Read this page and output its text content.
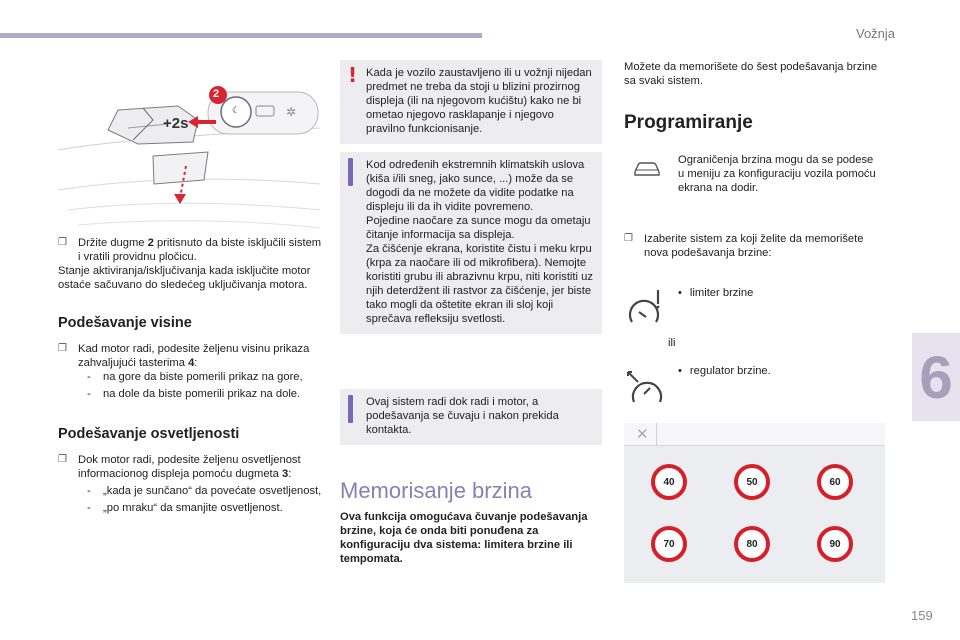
Vožnja
6
159
☾	✲
2
+2s
❐ Držite dugme 2 pritisnuto da biste isključili sistem i vratili providnu pločicu.

Stanje aktiviranja/isključivanja kada isključite motor ostaće sačuvano do sledećeg uključivanja motora.

Podešavanje visine
❐ Kad motor radi, podesite željenu visinu prikaza zahvaljujući tasterima 4:

-	na gore da biste pomerili prikaz na gore,

-	na dole da biste pomerili prikaz na dole.

Podešavanje osvetljenosti
❐ Dok motor radi, podesite željenu osvetljenost informacionog displeja pomoću dugmeta 3:

-	„kada je sunčano“ da povećate osvetljenost,

-	„po mraku“ da smanjite osvetljenost.

! Kada je vozilo zaustavljeno ili u vožnji nijedan predmet ne treba da stoji u blizini prozirnog displeja (ili na njegovom kućištu) kako ne bi ometao njegovo rasklapanje i njegovo pravilno funkcionisanje.

Kod određenih ekstremnih klimatskih uslova (kiša i/ili sneg, jako sunce, ...) može da se dogodi da ne možete da vidite podatke na displeju ili da ih vidite povremeno.

Pojedine naočare za sunce mogu da ometaju čitanje informacija sa displeja.

Za čišćenje ekrana, koristite čistu i meku krpu (krpa za naočare ili od mikrofibera). Nemojte koristiti grubu ili abrazivnu krpu, niti koristiti uz njih deterdžent ili rastvor za čišćenje, jer biste tako mogli da oštetite ekran ili sloj koji sprečava refleksiju svetlosti.

Ovaj sistem radi dok radi i motor, a podešavanja se čuvaju i nakon prekida kontakta.

Memorisanje brzina

Ova funkcija omogućava čuvanje podešavanja brzine, koja će onda biti ponuđena za konfiguraciju dva sistema: limitera brzine ili tempomata.

Možete da memorišete do šest podešavanja brzine sa svaki sistem.

Programiranje
Ograničenja brzina mogu da se podese u meniju za konfiguraciju vozila pomoću ekrana na dodir.
❐ Izaberite sistem za koji želite da memorišete nova podešavanja brzine:

• limiter brzine
ili
• regulator brzine.
✕
40	50	60
70	80	90
